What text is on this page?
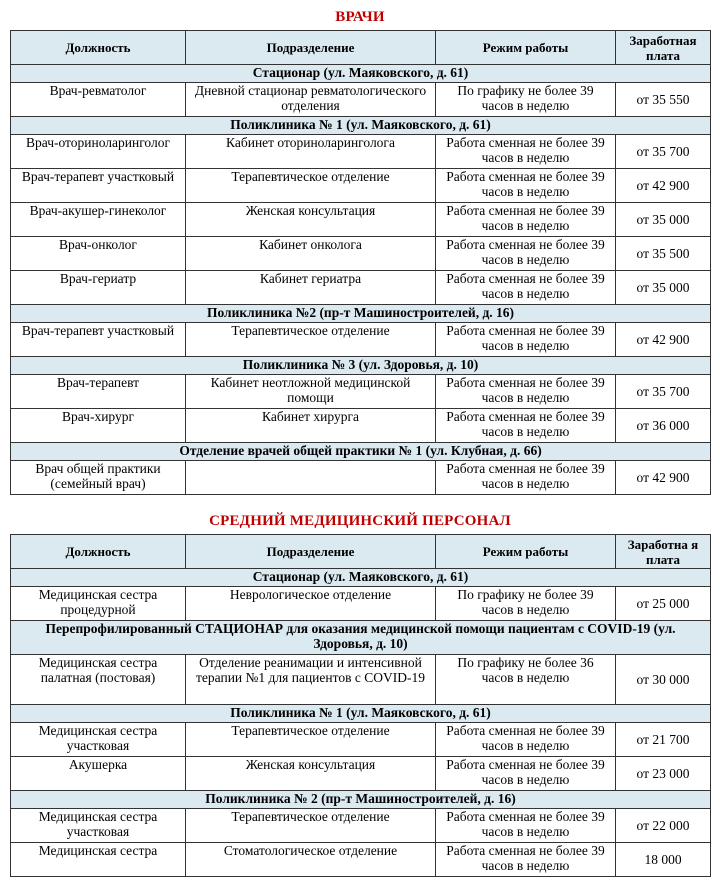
ВРАЧИ
Должность	Подразделение	Режим работы	Заработная плата
Стационар (ул. Маяковского, д. 61)			
Врач-ревматолог	Дневной стационар ревматологического отделения	По графику не более 39 часов в неделю	от 35 550
Поликлиника № 1 (ул. Маяковского, д. 61)			
Врач-оториноларинголог	Кабинет оториноларинголога	Работа сменная не более 39 часов в неделю	от 35 700
Врач-терапевт участковый	Терапевтическое отделение	Работа сменная не более 39 часов в неделю	от 42 900
Врач-акушер-гинеколог	Женская консультация	Работа сменная не более 39 часов в неделю	от 35 000
Врач-онколог	Кабинет онколога	Работа сменная не более 39 часов в неделю	от 35 500
Врач-гериатр	Кабинет гериатра	Работа сменная не более 39 часов в неделю	от 35 000
Поликлиника №2 (пр-т Машиностроителей, д. 16)			
Врач-терапевт участковый	Терапевтическое отделение	Работа сменная не более 39 часов в неделю	от 42 900
Поликлиника № 3 (ул. Здоровья, д. 10)			
Врач-терапевт	Кабинет неотложной медицинской помощи	Работа сменная не более 39 часов в неделю	от 35 700
Врач-хирург	Кабинет хирурга	Работа сменная не более 39 часов в неделю	от 36 000
Отделение врачей общей практики № 1 (ул. Клубная, д. 66)			
Врач общей практики (семейный врач)		Работа сменная не более 39 часов в неделю	от 42 900
СРЕДНИЙ МЕДИЦИНСКИЙ ПЕРСОНАЛ
Должность	Подразделение	Режим работы	Заработна я плата
Стационар (ул. Маяковского, д. 61)			
Медицинская сестра процедурной	Неврологическое отделение	По графику не более 39 часов в неделю	от 25 000
Перепрофилированный СТАЦИОНАР для оказания медицинской помощи пациентам с COVID-19 (ул. Здоровья, д. 10)			
Медицинская сестра палатная (постовая)	Отделение реанимации и интенсивной терапии №1 для пациентов с COVID-19	По графику не более 36 часов в неделю	от 30 000
Поликлиника № 1 (ул. Маяковского, д. 61)			
Медицинская сестра участковая	Терапевтическое отделение	Работа сменная не более 39 часов в неделю	от 21 700
Акушерка	Женская консультация	Работа сменная не более 39 часов в неделю	от 23 000
Поликлиника № 2 (пр-т Машиностроителей, д. 16)			
Медицинская сестра участковая	Терапевтическое отделение	Работа сменная не более 39 часов в неделю	от 22 000
Медицинская сестра	Стоматологическое отделение	Работа сменная не более 39 часов в неделю	18 000
